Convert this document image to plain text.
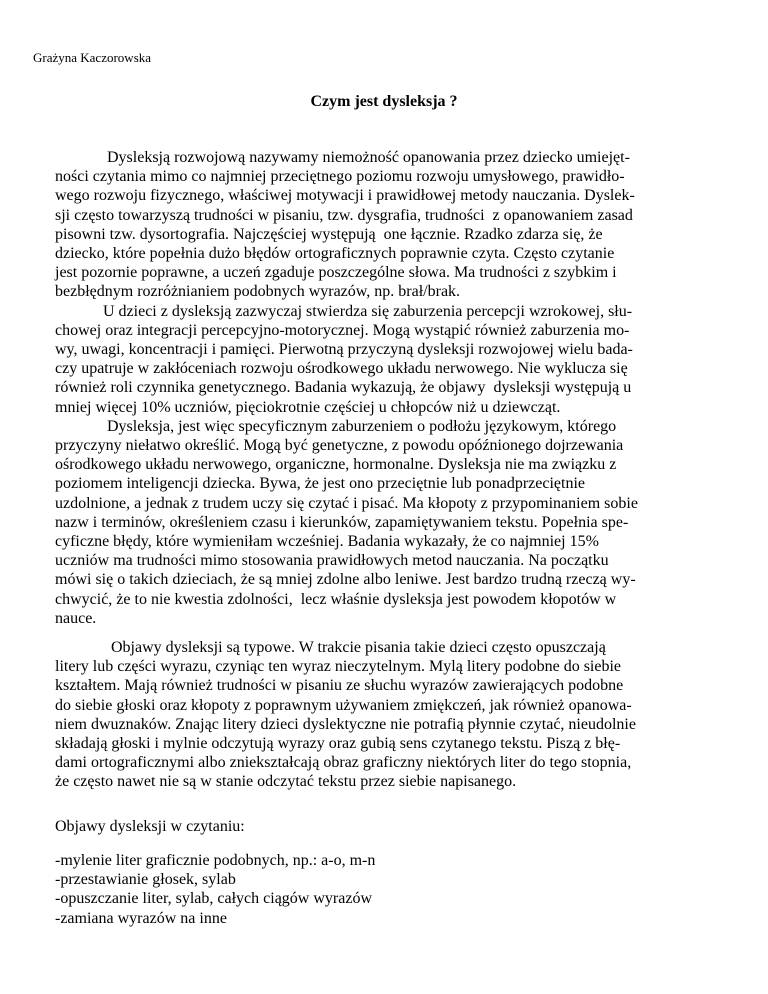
Grażyna Kaczorowska

Czym jest dysleksja ?
Dysleksją rozwojową nazywamy niemożność opanowania przez dziecko umiejęt-
ności czytania mimo co najmniej przeciętnego poziomu rozwoju umysłowego, prawidło-
wego rozwoju fizycznego, właściwej motywacji i prawidłowej metody nauczania. Dyslek-
sji często towarzyszą trudności w pisaniu, tzw. dysgrafia, trudności  z opanowaniem zasad
pisowni tzw. dysortografia. Najczęściej występują  one łącznie. Rzadko zdarza się, że
dziecko, które popełnia dużo błędów ortograficznych poprawnie czyta. Często czytanie
jest pozornie poprawne, a uczeń zgaduje poszczególne słowa. Ma trudności z szybkim i
bezbłędnym rozróżnianiem podobnych wyrazów, np. brał/brak.
U dzieci z dysleksją zazwyczaj stwierdza się zaburzenia percepcji wzrokowej, słu-
chowej oraz integracji percepcyjno-motorycznej. Mogą wystąpić również zaburzenia mo-
wy, uwagi, koncentracji i pamięci. Pierwotną przyczyną dysleksji rozwojowej wielu bada-
czy upatruje w zakłóceniach rozwoju ośrodkowego układu nerwowego. Nie wyklucza się
również roli czynnika genetycznego. Badania wykazują, że objawy  dysleksji występują u
mniej więcej 10% uczniów, pięciokrotnie częściej u chłopców niż u dziewcząt.
Dysleksja, jest więc specyficznym zaburzeniem o podłożu językowym, którego
przyczyny niełatwo określić. Mogą być genetyczne, z powodu opóźnionego dojrzewania
ośrodkowego układu nerwowego, organiczne, hormonalne. Dysleksja nie ma związku z
poziomem inteligencji dziecka. Bywa, że jest ono przeciętnie lub ponadprzeciętnie
uzdolnione, a jednak z trudem uczy się czytać i pisać. Ma kłopoty z przypominaniem sobie
nazw i terminów, określeniem czasu i kierunków, zapamiętywaniem tekstu. Popełnia spe-
cyficzne błędy, które wymieniłam wcześniej. Badania wykazały, że co najmniej 15%
uczniów ma trudności mimo stosowania prawidłowych metod nauczania. Na początku
mówi się o takich dzieciach, że są mniej zdolne albo leniwe. Jest bardzo trudną rzeczą wy-
chwycić, że to nie kwestia zdolności,  lecz właśnie dysleksja jest powodem kłopotów w
nauce.
Objawy dysleksji są typowe. W trakcie pisania takie dzieci często opuszczają
litery lub części wyrazu, czyniąc ten wyraz nieczytelnym. Mylą litery podobne do siebie
kształtem. Mają również trudności w pisaniu ze słuchu wyrazów zawierających podobne
do siebie głoski oraz kłopoty z poprawnym używaniem zmiękczeń, jak również opanowa-
niem dwuznaków. Znając litery dzieci dyslektyczne nie potrafią płynnie czytać, nieudolnie
składają głoski i mylnie odczytują wyrazy oraz gubią sens czytanego tekstu. Piszą z błę-
dami ortograficznymi albo zniekształcają obraz graficzny niektórych liter do tego stopnia,
że często nawet nie są w stanie odczytać tekstu przez siebie napisanego.

Objawy dysleksji w czytaniu:

-mylenie liter graficznie podobnych, np.: a-o, m-n
-przestawianie głosek, sylab
-opuszczanie liter, sylab, całych ciągów wyrazów
-zamiana wyrazów na inne
